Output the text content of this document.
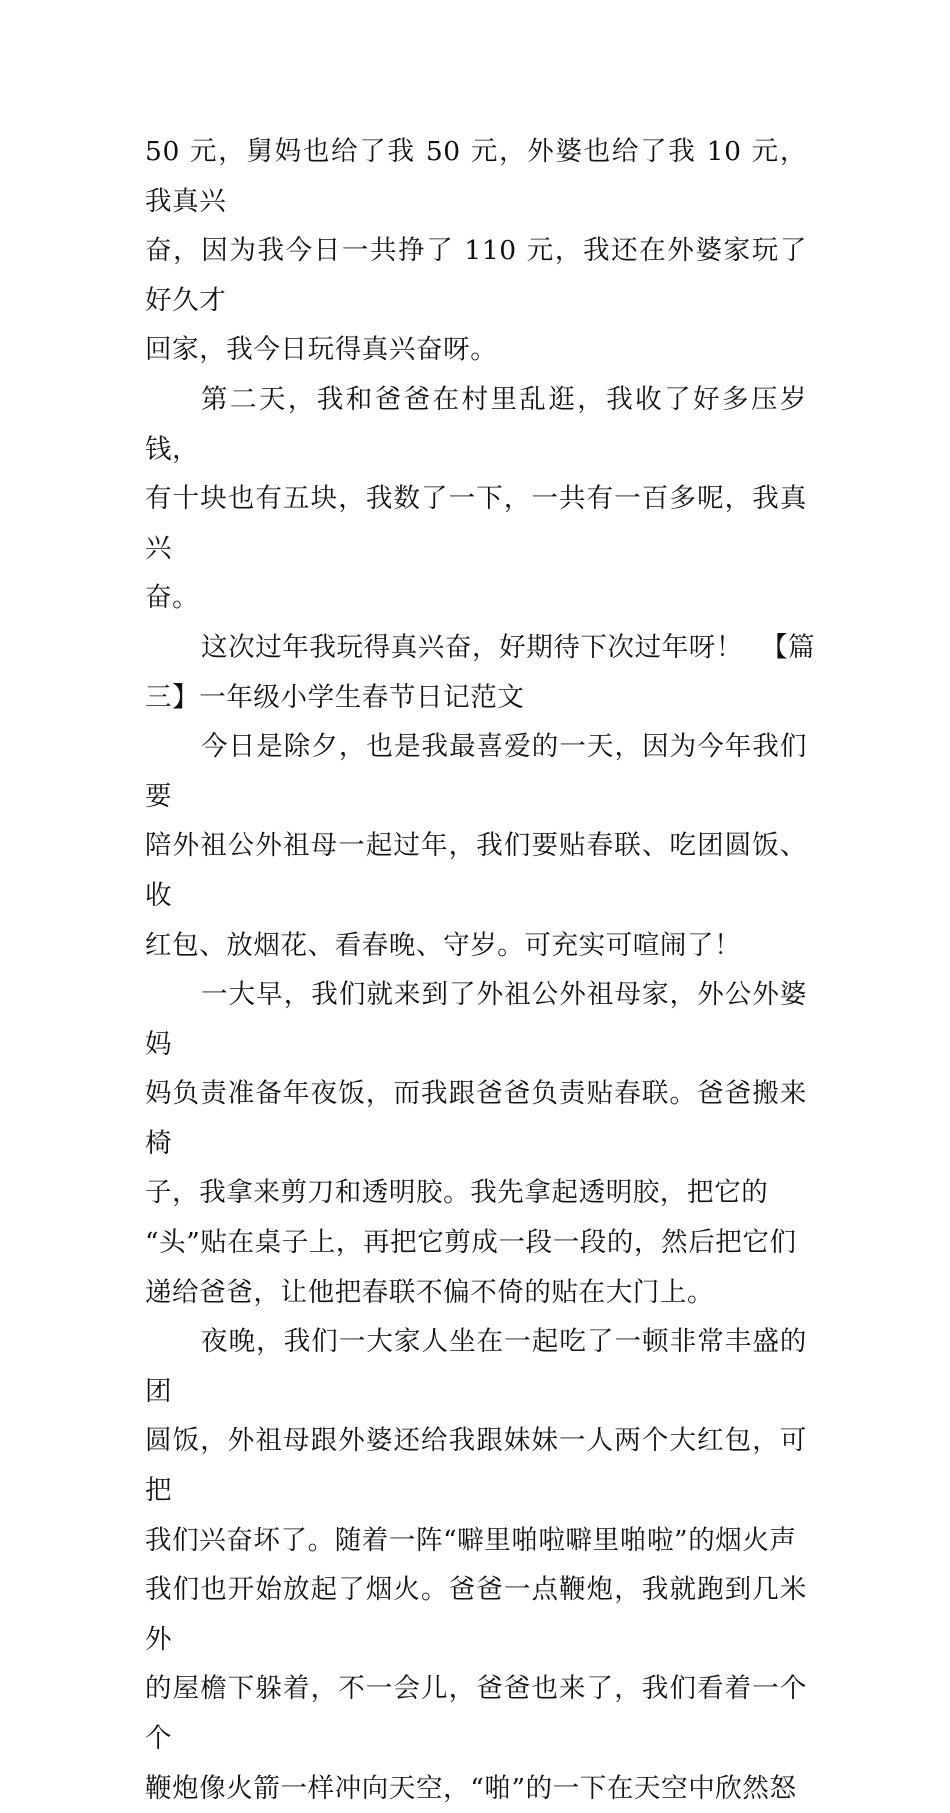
50 元，舅妈也给了我 50 元，外婆也给了我 10 元，我真兴
奋，因为我今日一共挣了 110 元，我还在外婆家玩了好久才
回家，我今日玩得真兴奋呀。

第二天，我和爸爸在村里乱逛，我收了好多压岁钱，
有十块也有五块，我数了一下，一共有一百多呢，我真兴
奋。

这次过年我玩得真兴奋，好期待下次过年呀！  【篇
三】一年级小学生春节日记范文

今日是除夕，也是我最喜爱的一天，因为今年我们要
陪外祖公外祖母一起过年，我们要贴春联、吃团圆饭、收
红包、放烟花、看春晚、守岁。可充实可喧闹了！

一大早，我们就来到了外祖公外祖母家，外公外婆妈
妈负责准备年夜饭，而我跟爸爸负责贴春联。爸爸搬来椅
子，我拿来剪刀和透明胶。我先拿起透明胶，把它的
“头”贴在桌子上，再把它剪成一段一段的，然后把它们
递给爸爸，让他把春联不偏不倚的贴在大门上。

夜晚，我们一大家人坐在一起吃了一顿非常丰盛的团
圆饭，外祖母跟外婆还给我跟妹妹一人两个大红包，可把
我们兴奋坏了。随着一阵“噼里啪啦噼里啪啦”的烟火声
我们也开始放起了烟火。爸爸一点鞭炮，我就跑到几米外
的屋檐下躲着，不一会儿，爸爸也来了，我们看着一个个
鞭炮像火箭一样冲向天空，“啪”的一下在天空中欣然怒
